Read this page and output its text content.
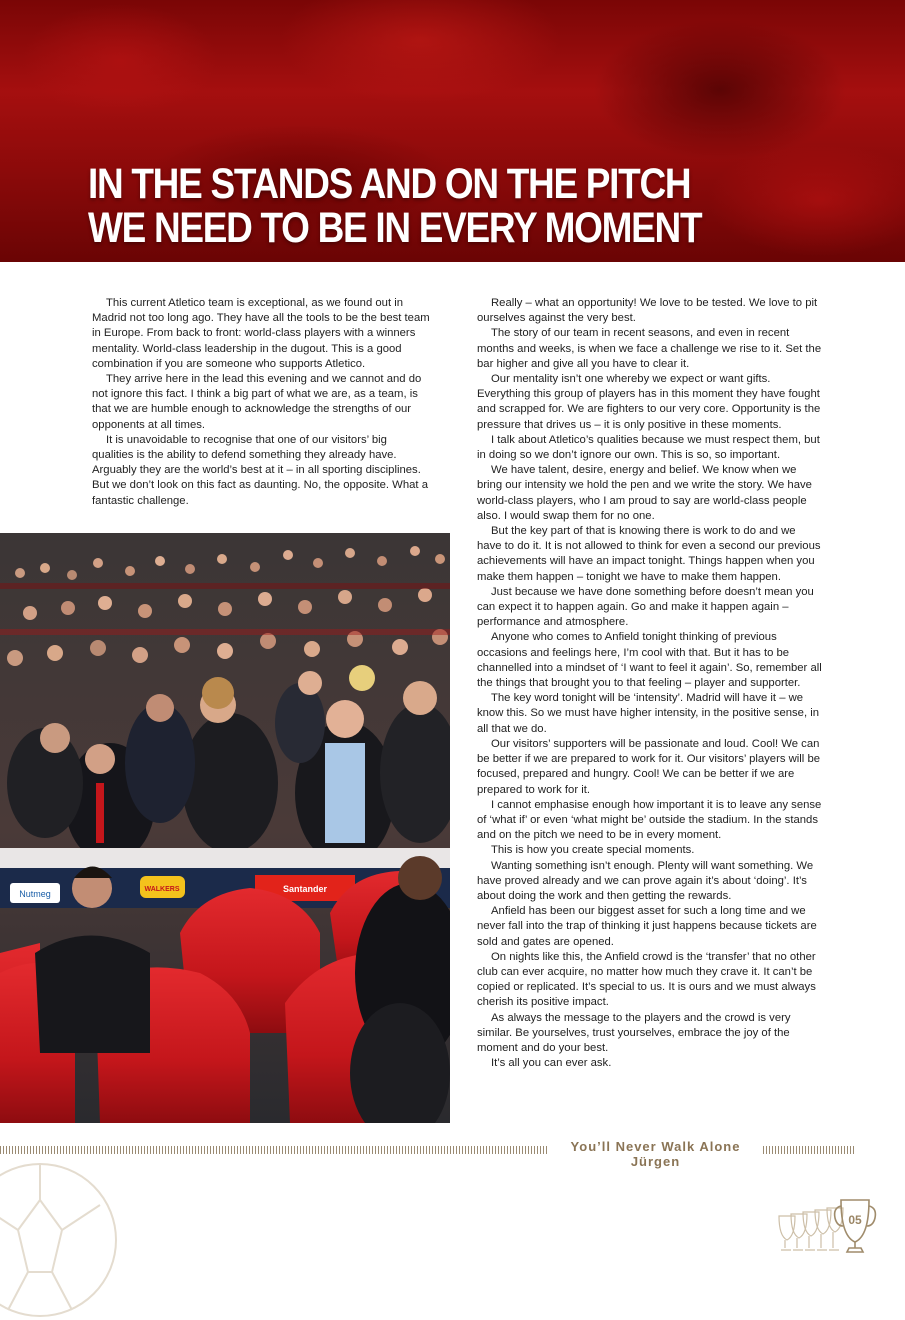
IN THE STANDS AND ON THE PITCH
WE NEED TO BE IN EVERY MOMENT

This current Atletico team is exceptional, as we found out in Madrid not too long ago. They have all the tools to be the best team in Europe. From back to front: world-class players with a winners mentality. World-class leadership in the dugout. This is a good combination if you are someone who supports Atletico.

They arrive here in the lead this evening and we cannot and do not ignore this fact. I think a big part of what we are, as a team, is that we are humble enough to acknowledge the strengths of our opponents at all times.

It is unavoidable to recognise that one of our visitors’ big qualities is the ability to defend something they already have. Arguably they are the world’s best at it – in all sporting disciplines. But we don’t look on this fact as daunting. No, the opposite. What a fantastic challenge.

Nutmeg	WALKERS	Santander

Really – what an opportunity! We love to be tested. We love to pit ourselves against the very best.

The story of our team in recent seasons, and even in recent months and weeks, is when we face a challenge we rise to it. Set the bar higher and give all you have to clear it.

Our mentality isn’t one whereby we expect or want gifts. Everything this group of players has in this moment they have fought and scrapped for. We are fighters to our very core. Opportunity is the pressure that drives us – it is only positive in these moments.

I talk about Atletico’s qualities because we must respect them, but in doing so we don’t ignore our own. This is so, so important.

We have talent, desire, energy and belief. We know when we bring our intensity we hold the pen and we write the story. We have world-class players, who I am proud to say are world-class people also. I would swap them for no one.

But the key part of that is knowing there is work to do and we have to do it. It is not allowed to think for even a second our previous achievements will have an impact tonight. Things happen when you make them happen – tonight we have to make them happen.

Just because we have done something before doesn’t mean you can expect it to happen again. Go and make it happen again – performance and atmosphere.

Anyone who comes to Anfield tonight thinking of previous occasions and feelings here, I’m cool with that. But it has to be channelled into a mindset of ‘I want to feel it again’. So, remember all the things that brought you to that feeling – player and supporter.

The key word tonight will be ‘intensity’. Madrid will have it – we know this. So we must have higher intensity, in the positive sense, in all that we do.

Our visitors’ supporters will be passionate and loud. Cool! We can be better if we are prepared to work for it. Our visitors’ players will be focused, prepared and hungry. Cool! We can be better if we are prepared to work for it.

I cannot emphasise enough how important it is to leave any sense of ‘what if’ or even ‘what might be’ outside the stadium. In the stands and on the pitch we need to be in every moment.

This is how you create special moments.

Wanting something isn’t enough. Plenty will want something. We have proved already and we can prove again it’s about ‘doing’. It’s about doing the work and then getting the rewards.

Anfield has been our biggest asset for such a long time and we never fall into the trap of thinking it just happens because tickets are sold and gates are opened.

On nights like this, the Anfield crowd is the ‘transfer’ that no other club can ever acquire, no matter how much they crave it. It can’t be copied or replicated. It’s special to us. It is ours and we must always cherish its positive impact.

As always the message to the players and the crowd is very similar. Be yourselves, trust yourselves, embrace the joy of the moment and do your best.

It’s all you can ever ask.

You’ll Never Walk Alone
Jürgen
05
